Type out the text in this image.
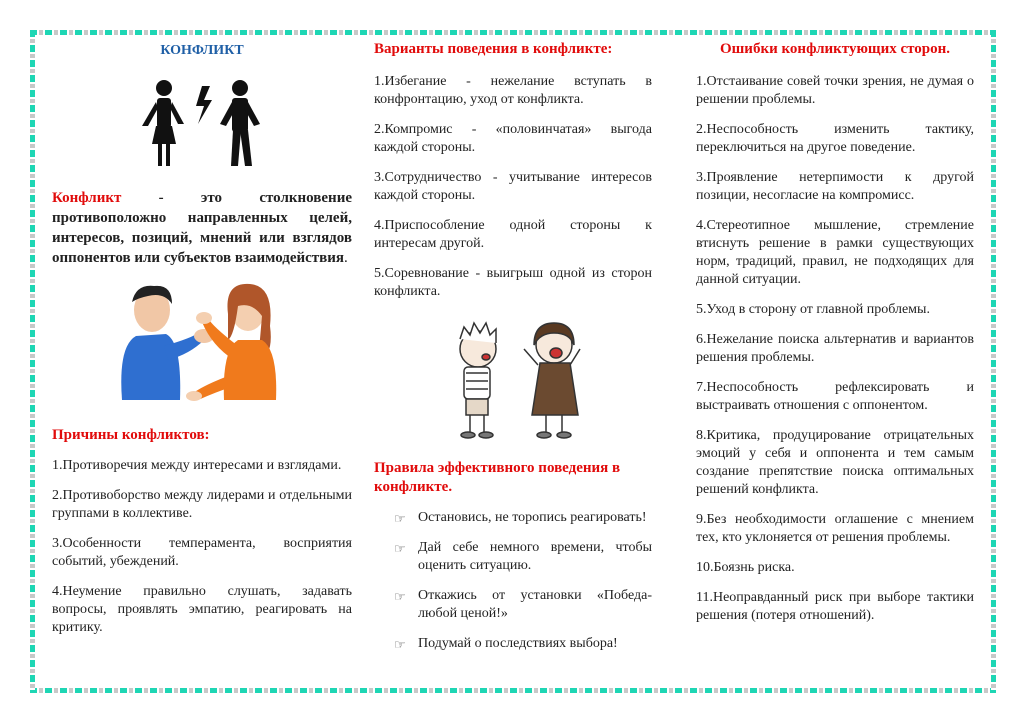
КОНФЛИКТ

Конфликт - это столкновение противоположно направленных целей, интересов, позиций, мнений или взглядов оппонентов или субъектов взаимодействия.

Причины конфликтов:

1.Противоречия между интересами и взглядами.

2.Противоборство между лидерами и отдельными группами в коллективе.

3.Особенности темперамента, восприятия событий, убеждений.

4.Неумение правильно слушать, задавать вопросы, проявлять эмпатию, реагировать на критику.

Варианты поведения в конфликте:

1.Избегание - нежелание вступать в конфронтацию, уход от конфликта.

2.Компромис - «половинчатая» выгода каждой стороны.

3.Сотрудничество - учитывание интересов каждой стороны.

4.Приспособление одной стороны к интересам другой.

5.Соревнование - выигрыш одной из сторон конфликта.

Правила эффективного поведения в конфликте.

☞ Остановись, не торопись реагировать!

☞ Дай себе немного времени, чтобы оценить ситуацию.

☞ Откажись от установки «Победа-любой ценой!»

☞ Подумай о последствиях выбора!

Ошибки конфликтующих сторон.

1.Отстаивание совей точки зрения, не думая о решении проблемы.

2.Неспособность изменить тактику, переключиться на другое поведение.

3.Проявление нетерпимости к другой позиции, несогласие на компромисс.

4.Стереотипное мышление, стремление втиснуть решение в рамки существующих норм, традиций, правил, не подходящих для данной ситуации.

5.Уход в сторону от главной проблемы.

6.Нежелание поиска альтернатив и вариантов решения проблемы.

7.Неспособность рефлексировать и выстраивать отношения с оппонентом.

8.Критика, продуцирование отрицательных эмоций у себя и оппонента и тем самым создание препятствие поиска оптимальных решений конфликта.

9.Без необходимости оглашение с мнением тех, кто уклоняется от решения проблемы.

10.Боязнь риска.

11.Неоправданный риск при выборе тактики решения (потеря отношений).
